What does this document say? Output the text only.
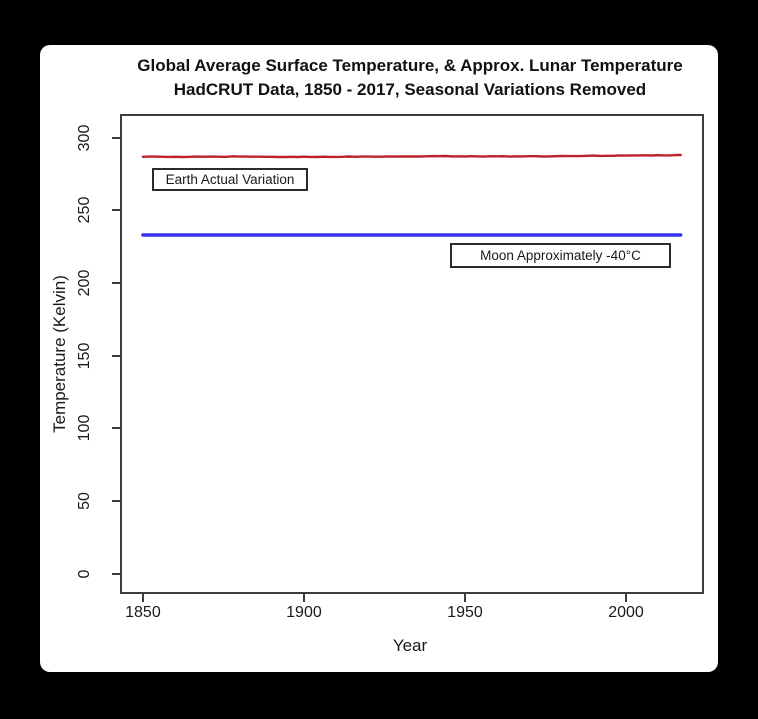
Global Average Surface Temperature, & Approx. Lunar Temperature
HadCRUT Data, 1850 - 2017, Seasonal Variations Removed
Temperature (Kelvin)
Earth Actual Variation
Moon Approximately -40°C
Year
1850	1900	1950	2000
0
50
100
150
200
250
300
